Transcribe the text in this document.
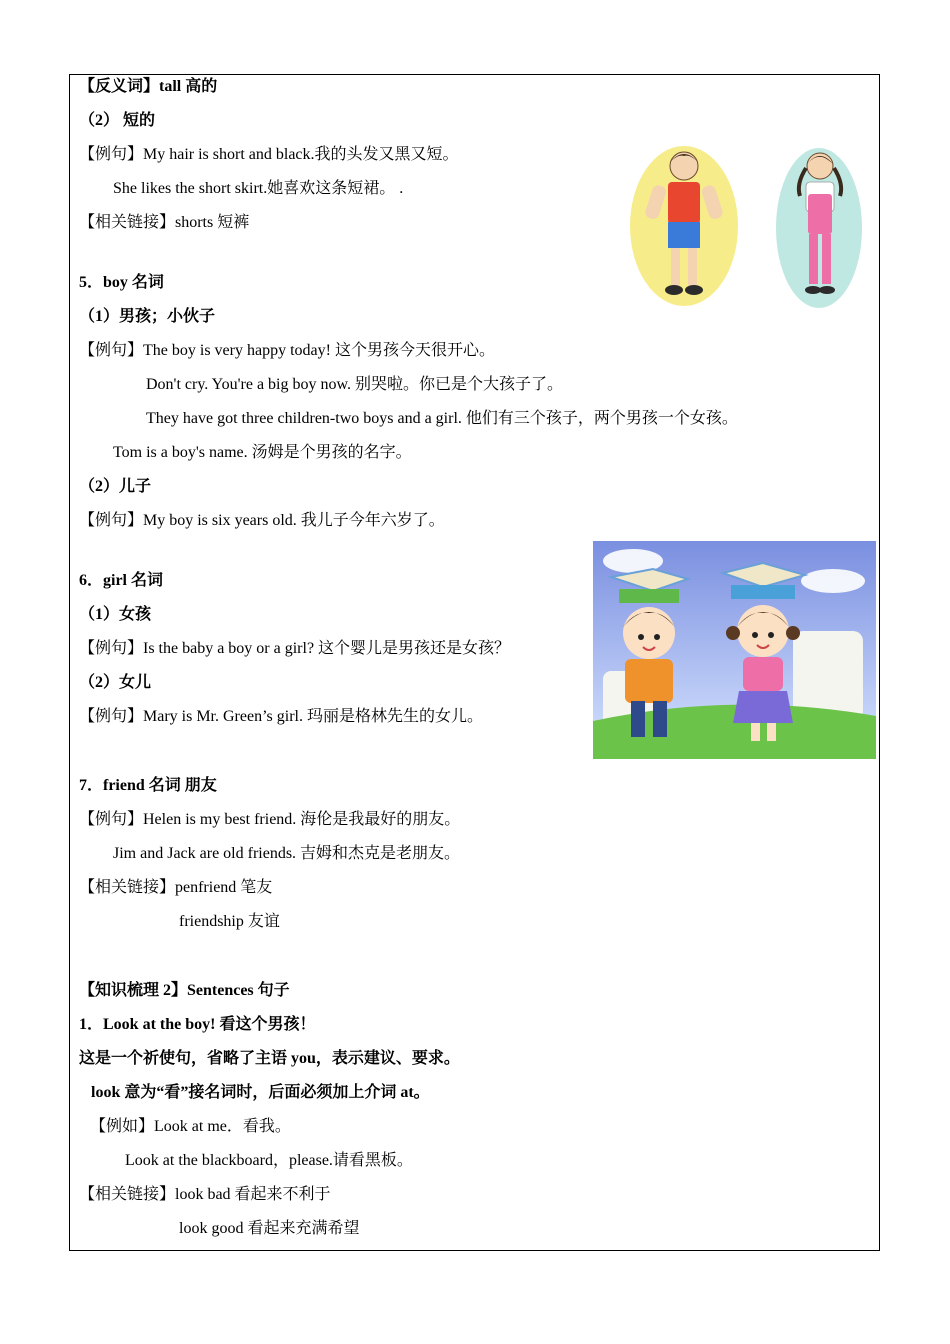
【反义词】tall 高的
（2） 短的
【例句】My hair is short and black.我的头发又黑又短。
She likes the short skirt.她喜欢这条短裙。 .
【相关链接】shorts 短裤
5．boy 名词
（1）男孩；小伙子
【例句】The boy is very happy today! 这个男孩今天很开心。
Don't cry. You're a big boy now. 别哭啦。你已是个大孩子了。
They have got three children-two boys and a girl. 他们有三个孩子，两个男孩一个女孩。
Tom is a boy's name. 汤姆是个男孩的名字。
（2）儿子
【例句】My boy is six years old. 我儿子今年六岁了。
6．girl 名词
（1）女孩
【例句】Is the baby a boy or a girl? 这个婴儿是男孩还是女孩？
（2）女儿
【例句】Mary is Mr. Green’s girl. 玛丽是格林先生的女儿。
7．friend 名词 朋友
【例句】Helen is my best friend. 海伦是我最好的朋友。
Jim and Jack are old friends. 吉姆和杰克是老朋友。
【相关链接】penfriend 笔友
friendship 友谊
【知识梳理 2】Sentences 句子
1．Look at the boy! 看这个男孩！
这是一个祈使句，省略了主语 you，表示建议、要求。
look 意为“看”接名词时，后面必须加上介词 at。
【例如】Look at me．看我。
Look at the blackboard，please.请看黑板。
【相关链接】look bad 看起来不利于
look good 看起来充满希望
